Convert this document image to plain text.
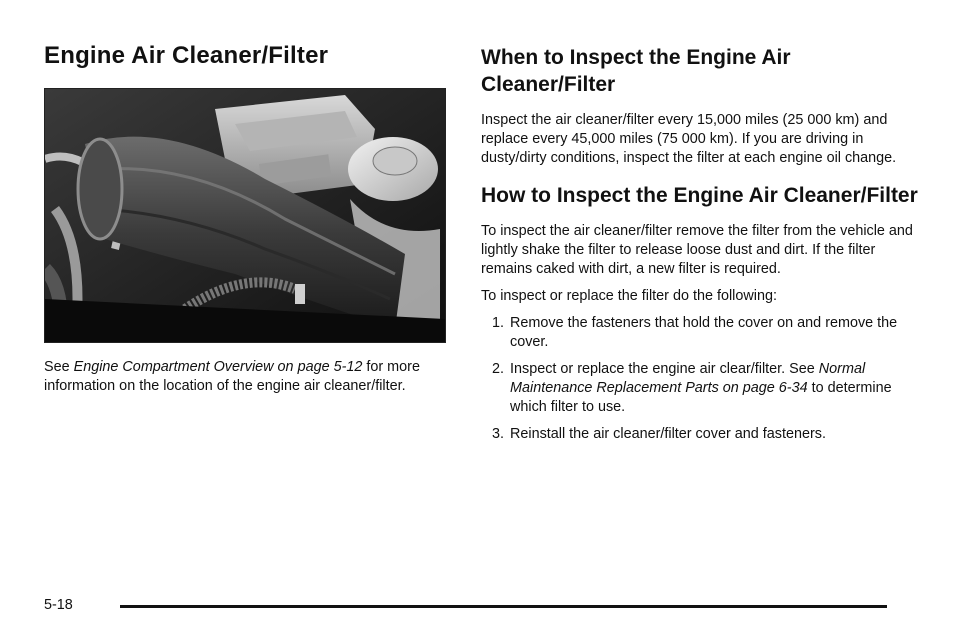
Engine Air Cleaner/Filter
See Engine Compartment Overview on page 5-12 for more information on the location of the engine air cleaner/filter.
When to Inspect the Engine Air Cleaner/Filter

Inspect the air cleaner/filter every 15,000 miles (25 000 km) and replace every 45,000 miles (75 000 km). If you are driving in dusty/dirty conditions, inspect the filter at each engine oil change.

How to Inspect the Engine Air Cleaner/Filter

To inspect the air cleaner/filter remove the filter from the vehicle and lightly shake the filter to release loose dust and dirt. If the filter remains caked with dirt, a new filter is required.

To inspect or replace the filter do the following:

1. Remove the fasteners that hold the cover on and remove the cover.
2. Inspect or replace the engine air clear/filter. See Normal Maintenance Replacement Parts on page 6-34 to determine which filter to use.
3. Reinstall the air cleaner/filter cover and fasteners.
5-18
